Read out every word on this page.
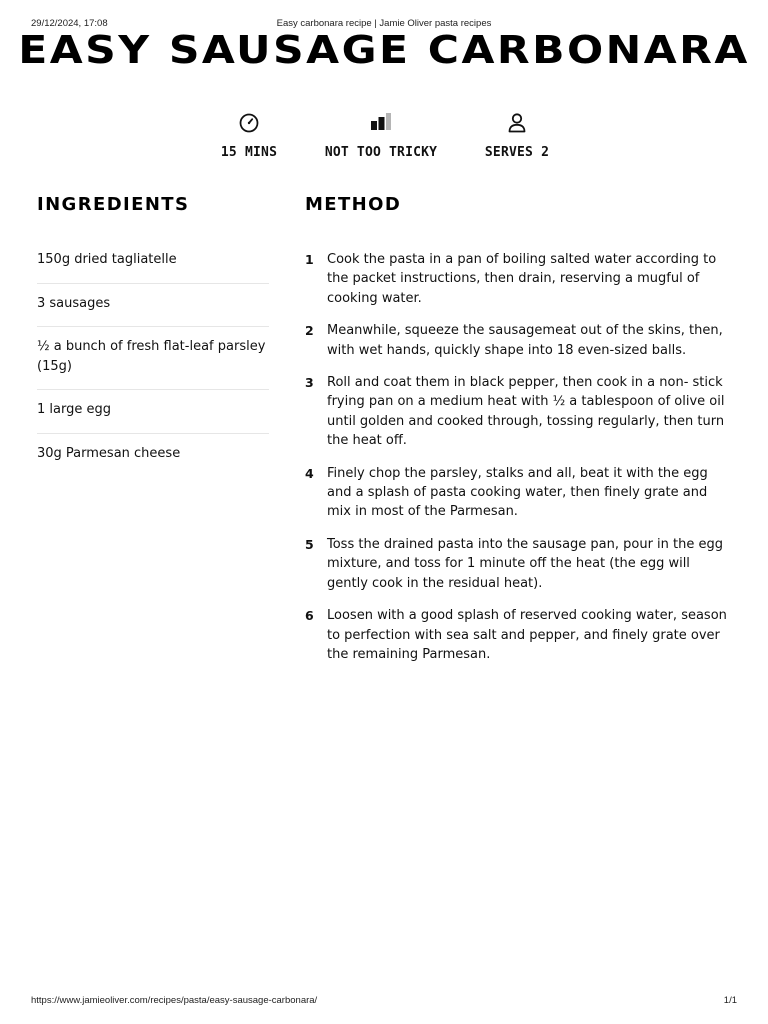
29/12/2024, 17:08	Easy carbonara recipe | Jamie Oliver pasta recipes
EASY SAUSAGE CARBONARA
15 MINS	NOT TOO TRICKY	SERVES 2
INGREDIENTS	METHOD
150g dried tagliatelle
3 sausages
½ a bunch of fresh flat-leaf parsley (15g)
1 large egg
30g Parmesan cheese
1 Cook the pasta in a pan of boiling salted water according to the packet instructions, then drain, reserving a mugful of cooking water.
2 Meanwhile, squeeze the sausagemeat out of the skins, then, with wet hands, quickly shape into 18 even-sized balls.
3 Roll and coat them in black pepper, then cook in a non- stick frying pan on a medium heat with ½ a tablespoon of olive oil until golden and cooked through, tossing regularly, then turn the heat off.
4 Finely chop the parsley, stalks and all, beat it with the egg and a splash of pasta cooking water, then finely grate and mix in most of the Parmesan.
5 Toss the drained pasta into the sausage pan, pour in the egg mixture, and toss for 1 minute off the heat (the egg will gently cook in the residual heat).
6 Loosen with a good splash of reserved cooking water, season to perfection with sea salt and pepper, and finely grate over the remaining Parmesan.
https://www.jamieoliver.com/recipes/pasta/easy-sausage-carbonara/	1/1
